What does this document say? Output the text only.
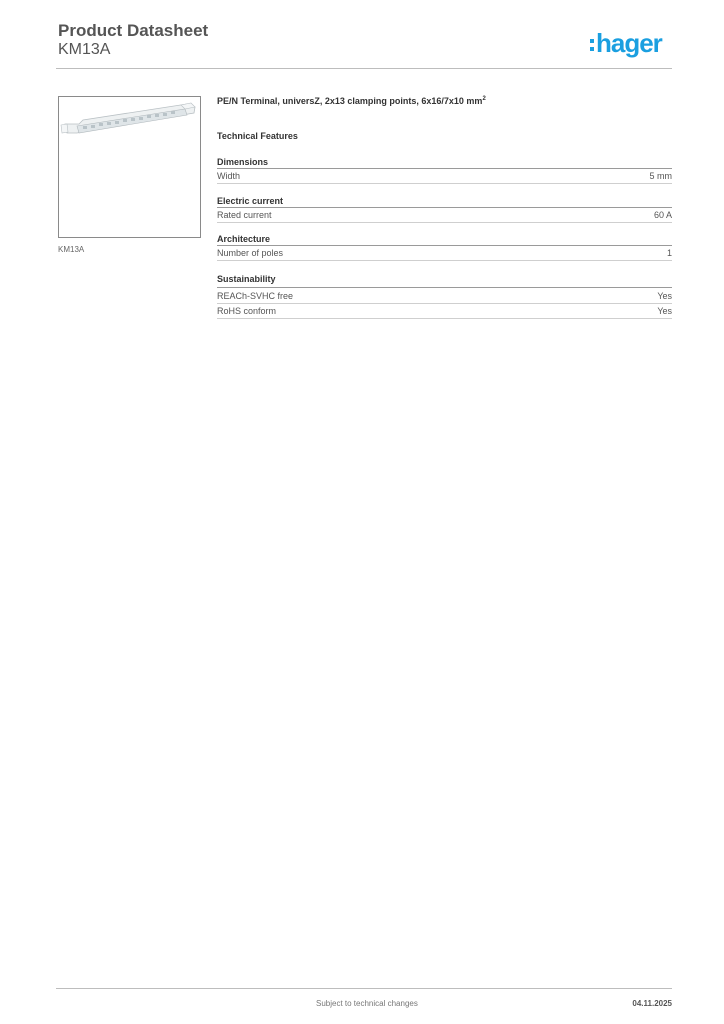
Product Datasheet
KM13A	hager
KM13A
PE/N Terminal, universZ, 2x13 clamping points, 6x16/7x10 $mm^2$
Technical Features
Dimensions
Width	5 mm
Electric current
Rated current	60 A
Architecture
Number of poles	1
Sustainability
REACh-SVHC free	Yes
RoHS conform	Yes
Subject to technical changes	04.11.2025
